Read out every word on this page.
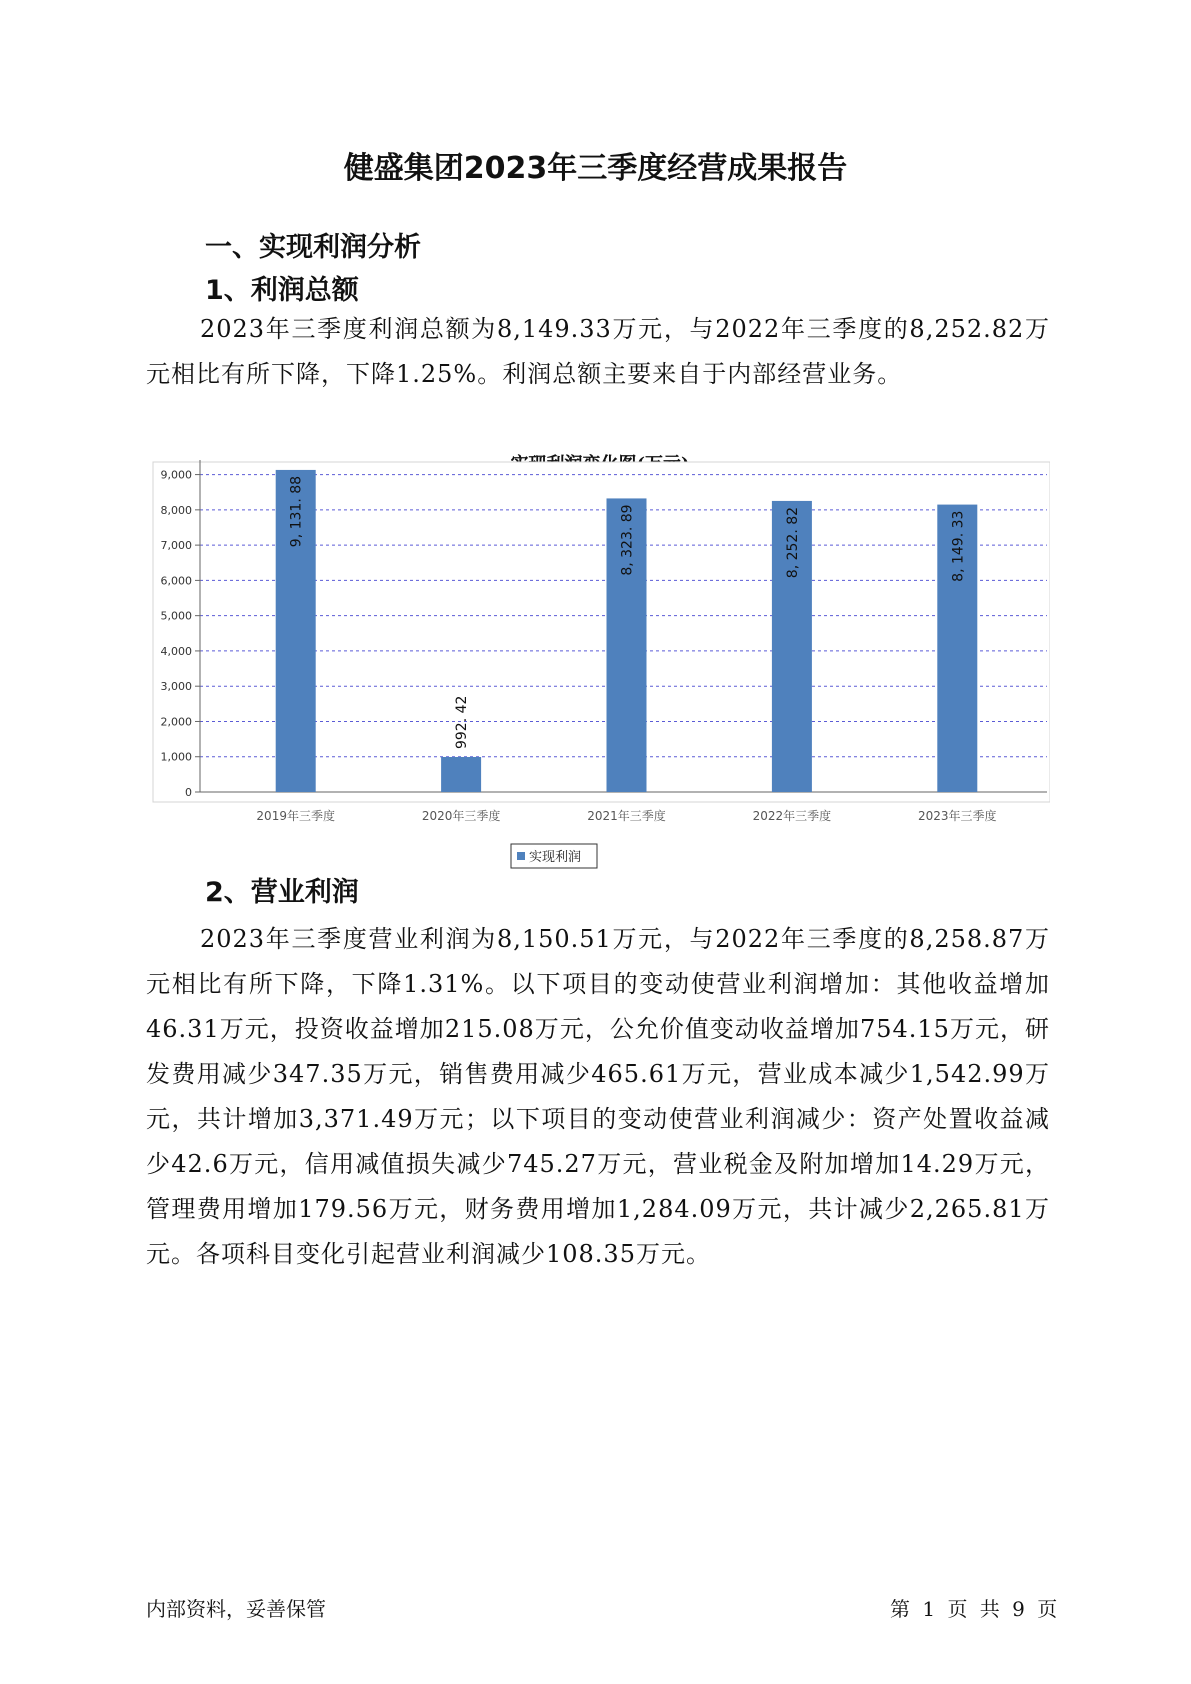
健盛集团2023年三季度经营成果报告
一、实现利润分析
1、利润总额

2023年三季度利润总额为8,149.33万元，与2022年三季度的8,252.82万元相比有所下降，下降1.25%。利润总额主要来自于内部经营业务。

0
1,000
2,000
3,000
4,000
5,000
6,000
7,000
8,000
9,000
9, 131. 88
2019年三季度
992. 42
2020年三季度
8, 323. 89
2021年三季度
8, 252. 82
2022年三季度
8, 149. 33
2023年三季度
实现利润
2、营业利润

2023年三季度营业利润为8,150.51万元，与2022年三季度的8,258.87万元相比有所下降，下降1.31%。以下项目的变动使营业利润增加：其他收益增加46.31万元，投资收益增加215.08万元，公允价值变动收益增加754.15万元，研发费用减少347.35万元，销售费用减少465.61万元，营业成本减少1,542.99万元，共计增加3,371.49万元；以下项目的变动使营业利润减少：资产处置收益减少42.6万元，信用减值损失减少745.27万元，营业税金及附加增加14.29万元，管理费用增加179.56万元，财务费用增加1,284.09万元，共计减少2,265.81万元。各项科目变化引起营业利润减少108.35万元。

内部资料，妥善保管	第 1 页 共 9 页
